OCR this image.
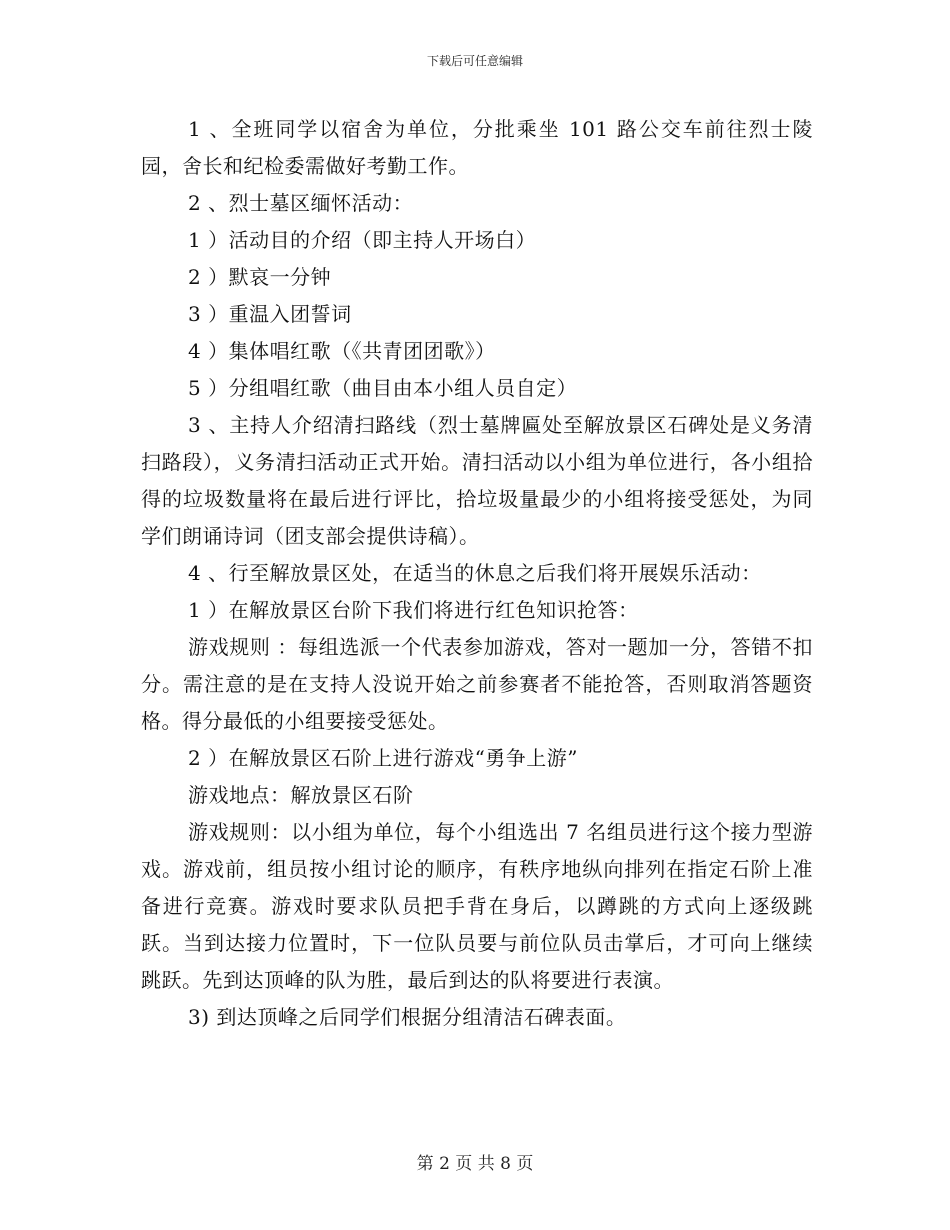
下载后可任意编辑

1 、全班同学以宿舍为单位，分批乘坐 101 路公交车前往烈士陵园，舍长和纪检委需做好考勤工作。

2 、烈士墓区缅怀活动：

1 ）活动目的介绍（即主持人开场白）

2 ）默哀一分钟

3 ）重温入团誓词

4 ）集体唱红歌（《共青团团歌》）

5 ）分组唱红歌（曲目由本小组人员自定）

3 、主持人介绍清扫路线（烈士墓牌匾处至解放景区石碑处是义务清扫路段），义务清扫活动正式开始。清扫活动以小组为单位进行，各小组拾得的垃圾数量将在最后进行评比，拾垃圾量最少的小组将接受惩处，为同学们朗诵诗词（团支部会提供诗稿）。

4 、行至解放景区处，在适当的休息之后我们将开展娱乐活动：

1 ）在解放景区台阶下我们将进行红色知识抢答：

游戏规则 ：每组选派一个代表参加游戏，答对一题加一分，答错不扣分。需注意的是在支持人没说开始之前参赛者不能抢答，否则取消答题资格。得分最低的小组要接受惩处。

2 ）在解放景区石阶上进行游戏“勇争上游”

游戏地点：解放景区石阶

游戏规则：以小组为单位，每个小组选出 7 名组员进行这个接力型游戏。游戏前，组员按小组讨论的顺序，有秩序地纵向排列在指定石阶上准备进行竞赛。游戏时要求队员把手背在身后，以蹲跳的方式向上逐级跳跃。当到达接力位置时，下一位队员要与前位队员击掌后，才可向上继续跳跃。先到达顶峰的队为胜，最后到达的队将要进行表演。

3) 到达顶峰之后同学们根据分组清洁石碑表面。

第 2 页 共 8 页
